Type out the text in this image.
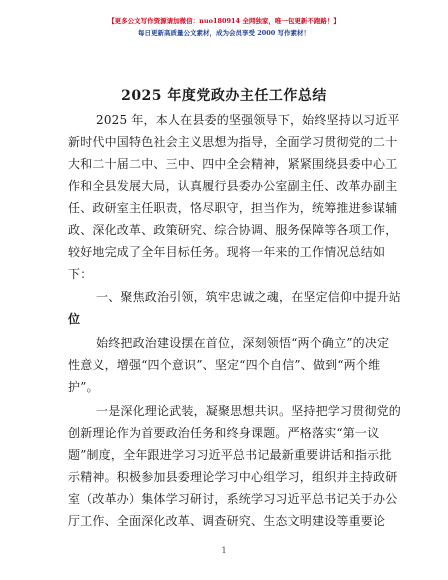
【更多公文写作资源请加微信：nuo180914 全网独家，唯一包更新不跑路！】
每日更新高质量公文素材，成为会员享受 2000 写作素材！
2025 年度党政办主任工作总结
2025 年，本人在县委的坚强领导下，始终坚持以习近平
新时代中国特色社会主义思想为指导，全面学习贯彻党的二十
大和二十届二中、三中、四中全会精神，紧紧围绕县委中心工
作和全县发展大局，认真履行县委办公室副主任、改革办副主
任、政研室主任职责，恪尽职守，担当作为，统筹推进参谋辅
政、深化改革、政策研究、综合协调、服务保障等各项工作，
较好地完成了全年目标任务。现将一年来的工作情况总结如
下：
一、聚焦政治引领，筑牢忠诚之魂，在坚定信仰中提升站
位
始终把政治建设摆在首位，深刻领悟“两个确立”的决定
性意义，增强“四个意识”、坚定“四个自信”、做到“两个维
护”。
一是深化理论武装，凝聚思想共识。坚持把学习贯彻党的
创新理论作为首要政治任务和终身课题。严格落实“第一议
题”制度，全年跟进学习习近平总书记最新重要讲话和指示批
示精神。积极参加县委理论学习中心组学习，组织并主持政研
室（改革办）集体学习研讨，系统学习习近平总书记关于办公
厅工作、全面深化改革、调查研究、生态文明建设等重要论
1
